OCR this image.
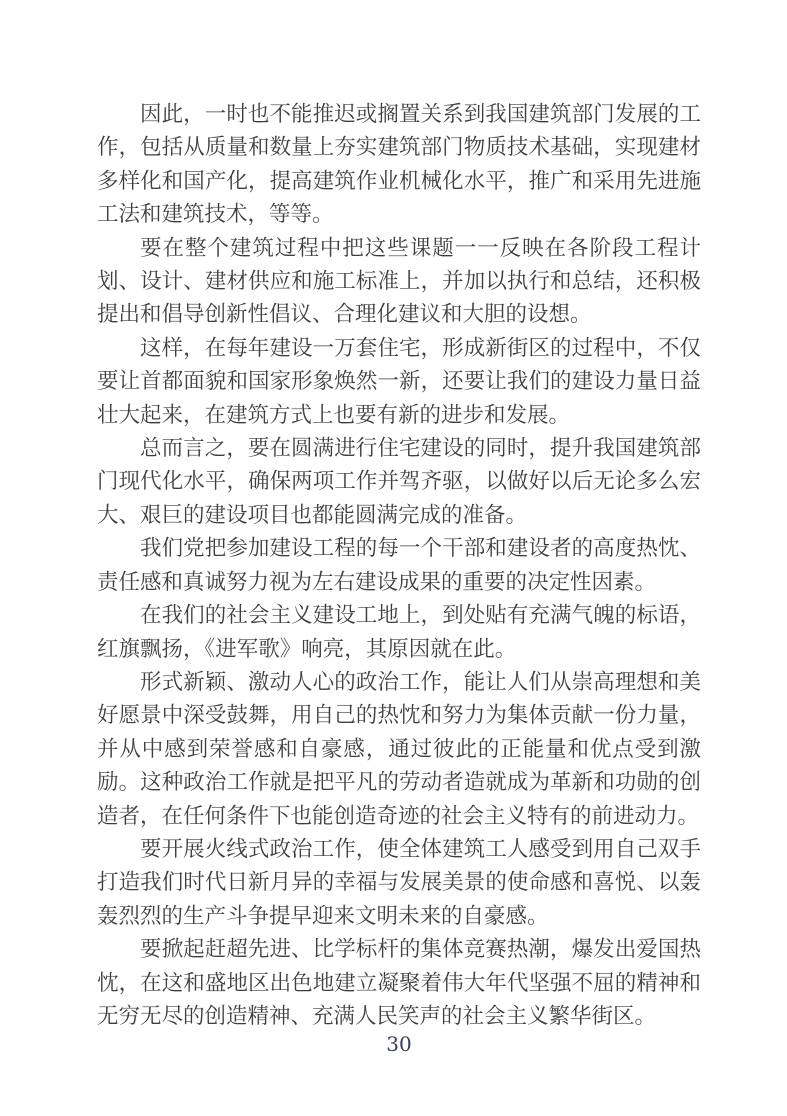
因此，一时也不能推迟或搁置关系到我国建筑部门发展的工作，包括从质量和数量上夯实建筑部门物质技术基础，实现建材多样化和国产化，提高建筑作业机械化水平，推广和采用先进施工法和建筑技术，等等。

要在整个建筑过程中把这些课题一一反映在各阶段工程计划、设计、建材供应和施工标准上，并加以执行和总结，还积极提出和倡导创新性倡议、合理化建议和大胆的设想。

这样，在每年建设一万套住宅，形成新街区的过程中，不仅要让首都面貌和国家形象焕然一新，还要让我们的建设力量日益壮大起来，在建筑方式上也要有新的进步和发展。

总而言之，要在圆满进行住宅建设的同时，提升我国建筑部门现代化水平，确保两项工作并驾齐驱，以做好以后无论多么宏大、艰巨的建设项目也都能圆满完成的准备。

我们党把参加建设工程的每一个干部和建设者的高度热忱、责任感和真诚努力视为左右建设成果的重要的决定性因素。

在我们的社会主义建设工地上，到处贴有充满气魄的标语，红旗飘扬，《进军歌》响亮，其原因就在此。

形式新颖、激动人心的政治工作，能让人们从崇高理想和美好愿景中深受鼓舞，用自己的热忱和努力为集体贡献一份力量，并从中感到荣誉感和自豪感，通过彼此的正能量和优点受到激励。这种政治工作就是把平凡的劳动者造就成为革新和功勋的创造者，在任何条件下也能创造奇迹的社会主义特有的前进动力。

要开展火线式政治工作，使全体建筑工人感受到用自己双手打造我们时代日新月异的幸福与发展美景的使命感和喜悦、以轰轰烈烈的生产斗争提早迎来文明未来的自豪感。

要掀起赶超先进、比学标杆的集体竞赛热潮，爆发出爱国热忱，在这和盛地区出色地建立凝聚着伟大年代坚强不屈的精神和无穷无尽的创造精神、充满人民笑声的社会主义繁华街区。

30
